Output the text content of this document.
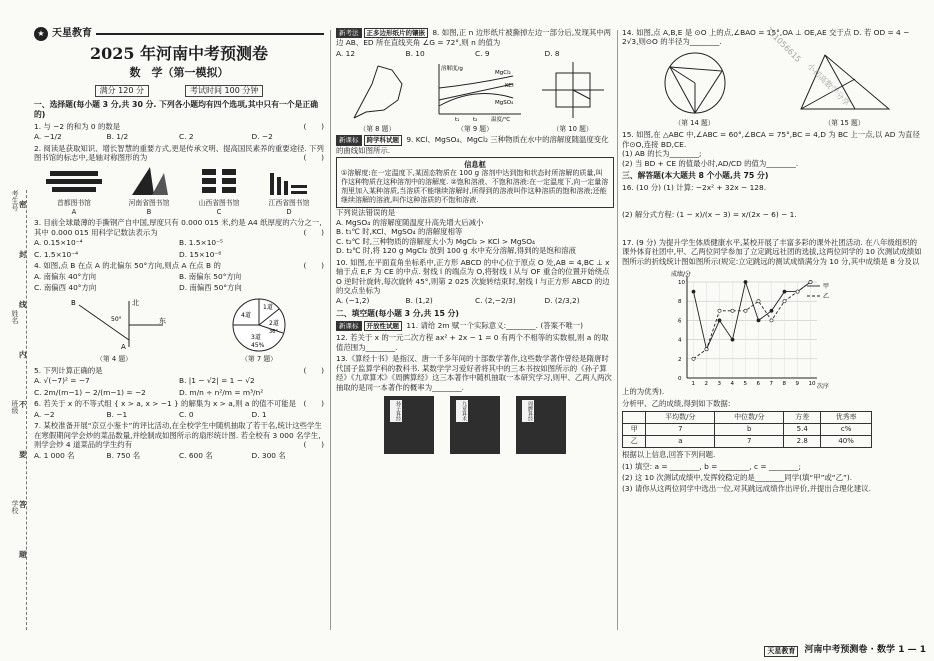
考生号
姓名
班级
学校
密
封
线
内
不
要
答
题
★ 天星教育
2025 年河南中考预测卷
数　学（第一模拟）
满分 120 分	考试时间 100 分钟
一、选择题(每小题 3 分,共 30 分. 下列各小题均有四个选项,其中只有一个是正确的)
1. 与 −2 的和为 0 的数是	(　　)
A. −1/2	B. 1/2	C. 2	D. −2
2. 阅读是获取知识、增长智慧的重要方式,更是传承文明、提高国民素养的重要途径. 下列图书馆的标志中,是轴对称图形的为	(　　)
首都图书馆
A
河南省图书馆
B
山西省图书馆
C
江西省图书馆
D
3. 目前全球最薄的手撕钢产自中国,厚度只有 0.000 015 米,约是 A4 纸厚度的六分之一,其中 0.000 015 用科学记数法表示为	(　　)
A. 0.15×10⁻⁴	B. 1.5×10⁻⁵
C. 1.5×10⁻⁴	D. 15×10⁻⁶
4. 如图,点 B 在点 A 的北偏东 50°方向,则点 A 在点 B 的	(　　)
A. 南偏东 40°方向	B. 南偏东 50°方向
C. 南偏西 40°方向	D. 南偏西 50°方向
北
东
B
A
50°
（第 4 题）
4道
1道
2道
3道
45%
36°
（第 7 题）
5. 下列计算正确的是	(　　)
A. √(−7)² = −7	B. |1 − √2| = 1 − √2
C. 2m/(m−1) − 2/(m−1) = −2	D. m/n ÷ n²/m = m³/n²
6. 若关于 x 的不等式组 { x > a, x > −1 } 的解集为 x > a,则 a 的值不可能是 (　　)
A. −2	B. −1	C. 0	D. 1
7. 某校准备开展“京豆小鉴卡”的评比活动,在全校学生中随机抽取了若干名,统计这些学生在寒假期间学会炒的菜品数量,并绘制成如图所示的扇形统计图. 若全校有 3 000 名学生,则学会炒 4 道菜品的学生约有	(　　)
A. 1 000 名	B. 750 名	C. 600 名	D. 300 名
新考法 正多边形纸片的镶嵌 8. 如图,正 n 边形纸片被撕掉左边一部分后,发现其中两边 AB、ED 所在直线夹角 ∠G = 72°,则 n 的值为
A. 12	B. 10	C. 9	D. 8
（第 8 题）
溶解度/g
温度/℃
MgCl₂
KCl
MgSO₄
t₁ t₂
（第 9 题）	（第 10 题）
新课标 跨学科试题 9. KCl、MgSO₄、MgCl₂ 三种物质在水中的溶解度随温度变化的曲线如图所示.
信息框
①溶解度:在一定温度下,某固态物质在 100 g 溶剂中达到饱和状态时所溶解的质量,叫作这种物质在这种溶剂中的溶解度. ②饱和溶液、不饱和溶液:在一定温度下,向一定量溶剂里加入某种溶质,当溶质不能继续溶解时,所得到的溶液叫作这种溶质的饱和溶液;还能继续溶解的溶液,叫作这种溶质的不饱和溶液.
下列说法错误的是
A. MgSO₄ 的溶解度随温度升高先增大后减小
B. t₁℃ 时,KCl、MgSO₄ 的溶解度相等
C. t₂℃ 时,三种物质的溶解度大小为 MgCl₂ > KCl > MgSO₄
D. t₂℃ 时,将 120 g MgCl₂ 放到 100 g 水中充分溶解,得到的是饱和溶液
10. 如图,在平面直角坐标系中,正方形 ABCD 的中心位于原点 O 处,AB = 4,BC ⊥ x 轴于点 E,F 为 CE 的中点. 射线 l 的端点为 O,将射线 l 从与 OF 重合的位置开始绕点 O 逆时针旋转,每次旋转 45°,则第 2 025 次旋转结束时,射线 l 与正方形 ABCD 的边的交点坐标为
A. (−1,2)	B. (1,2)	C. (2,−2/3)	D. (2/3,2)
二、填空题(每小题 3 分,共 15 分)
新课标 开放性试题 11. 请给 2m 赋一个实际意义:________. (答案不唯一)
12. 若关于 x 的一元二次方程 ax² + 2x − 1 = 0 有两个不相等的实数根,则 a 的取值范围为________.
13.《算经十书》是指汉、唐一千多年间的十部数学著作,这些数学著作曾经是隋唐时代国子监算学科的教科书. 某数学学习爱好者将其中的三本书按如图所示的《孙子算经》《九章算术》《周髀算经》这三本著作中随机抽取一本研究学习,则甲、乙两人两次抽取的是同一本著作的概率为________.
孙子算经	九章算术	周髀算经
14. 如图,点 A,B,E 是 ⊙O 上的点,∠BAO = 15°,OA ⊥ OE,AE 交于点 D. 若 OD = 4 − 2√3,则⊙O 的半径为________.
（第 14 题）	（第 15 题）
15. 如图,在 △ABC 中,∠ABC = 60°,∠BCA = 75°,BC = 4,D 为 BC 上一点,以 AD 为直径作⊙O,连接 BD,CE.
(1) AB 的长为________;
(2) 当 BD + CE 的值最小时,AD/CD 的值为________.
三、解答题(本大题共 8 个小题,共 75 分)
16. (10 分) (1) 计算: −2x² + 32x − 128.
(2) 解分式方程: (1 − x)/(x − 3) = x/(2x − 6) − 1.
17. (9 分) 为提升学生体质健康水平,某校开展了丰富多彩的课外社团活动. 在八年级组织的课外体育社团中,甲、乙两位同学参加了立定跳远社团的选拔,这两位同学的 10 次测试成绩如图所示的折线统计图如图所示(规定:立定跳远的测试成绩满分为 10 分,其中成绩是 8 分及以上的为优秀).
成绩/分
次序
甲
乙
0
2
4
6
8
10
1 2 3 4 5 6 7 8 9 10
分析甲、乙的成绩,得到如下数据:
	平均数/分	中位数/分	方差	优秀率
甲	7	b	5.4	c%
乙	a	7	2.8	40%
根据以上信息,回答下列问题.
(1) 填空: a = ________, b = ________, c = ________;
(2) 这 10 次测试成绩中,发挥较稳定的是________同学(填“甲”或“乙”).
(3) 请你从这两位同学中选出一位,对其跳远成绩作出评价,并提出合理化建议.
751056615
小初高数学分享
天星教育	河南中考预测卷 · 数学 1 — 1
